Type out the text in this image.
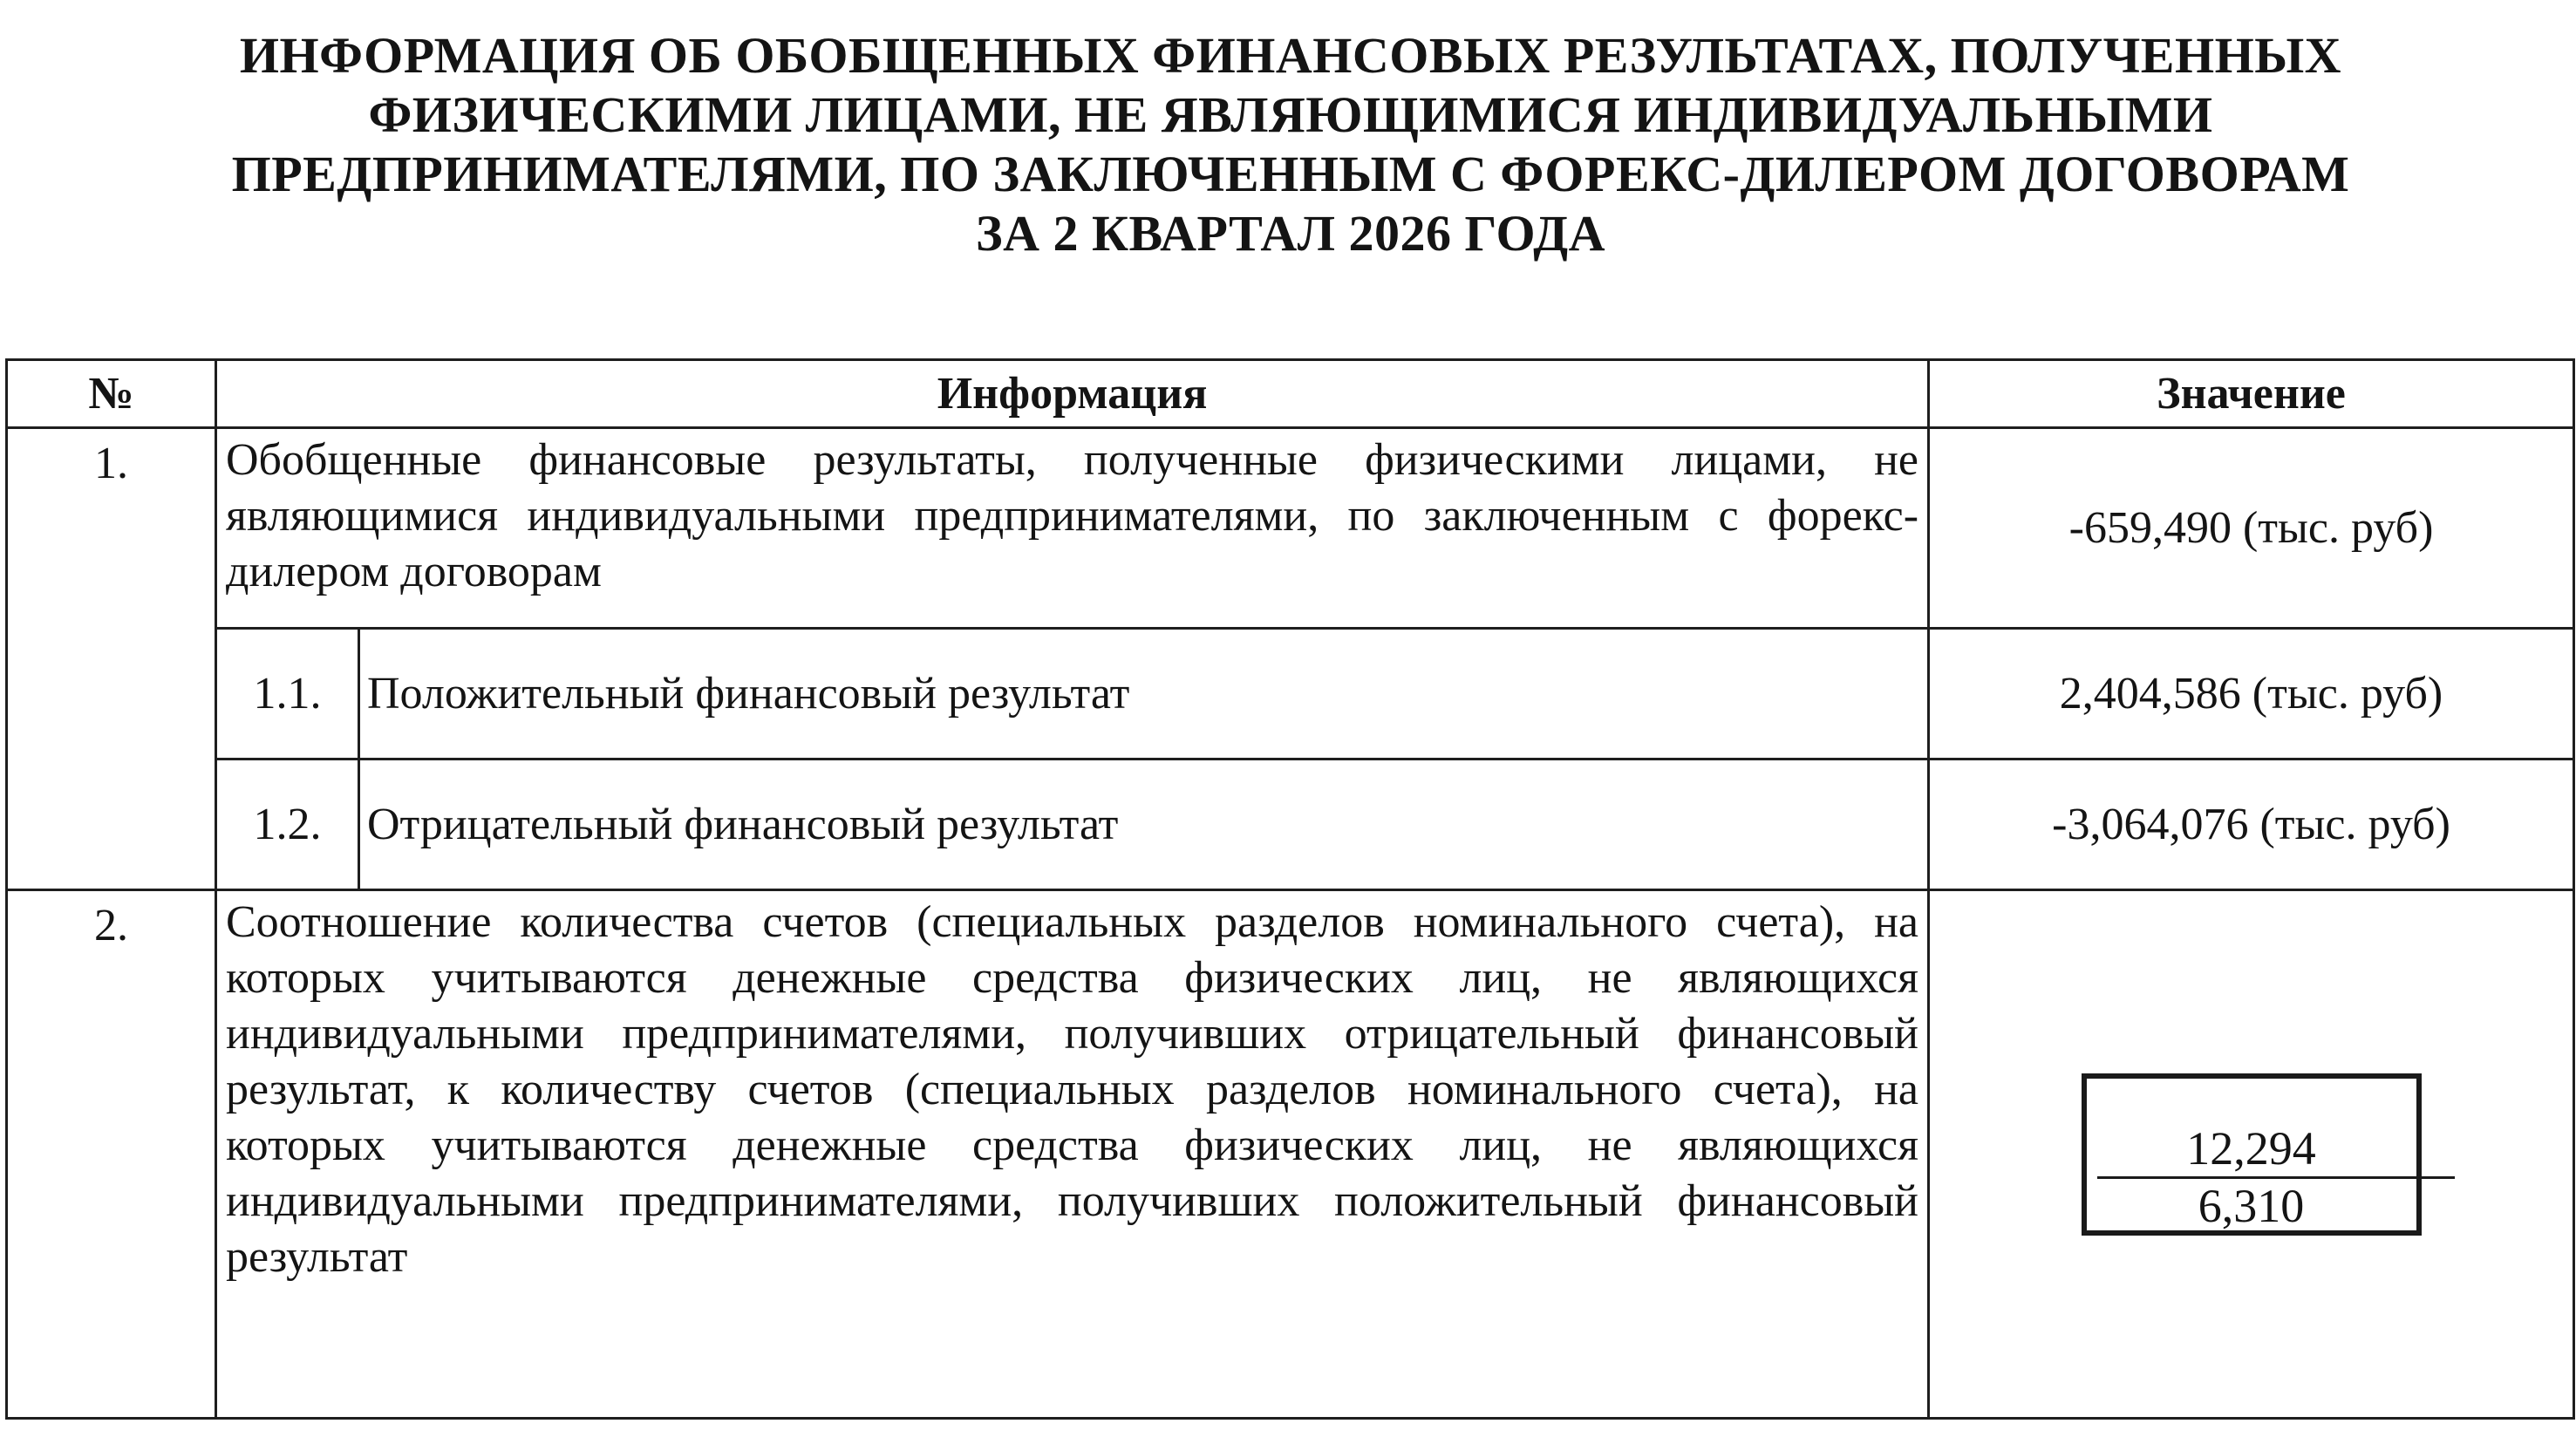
ИНФОРМАЦИЯ ОБ ОБОБЩЕННЫХ ФИНАНСОВЫХ РЕЗУЛЬТАТАХ, ПОЛУЧЕННЫХ
ФИЗИЧЕСКИМИ ЛИЦАМИ, НЕ ЯВЛЯЮЩИМИСЯ ИНДИВИДУАЛЬНЫМИ
ПРЕДПРИНИМАТЕЛЯМИ, ПО ЗАКЛЮЧЕННЫМ С ФОРЕКС-ДИЛЕРОМ ДОГОВОРАМ
ЗА 2 КВАРТАЛ 2026 ГОДА
№	Информация		Значение
1.	Обобщенные финансовые результаты, полученные физическими лицами, не являющимися индивидуальными предпринимателями, по заключенным с форекс-дилером договорам		-659,490 (тыс. руб)
	1.1.	Положительный финансовый результат	2,404,586 (тыс. руб)
	1.2.	Отрицательный финансовый результат	-3,064,076 (тыс. руб)
2.	Соотношение количества счетов (специальных разделов номинального счета), на которых учитываются денежные средства физических лиц, не являющихся индивидуальными предпринимателями, получивших отрицательный финансовый результат, к количеству счетов (специальных разделов номинального счета), на которых учитываются денежные средства физических лиц, не являющихся индивидуальными предпринимателями, получивших положительный финансовый результат		12,294
6,310
